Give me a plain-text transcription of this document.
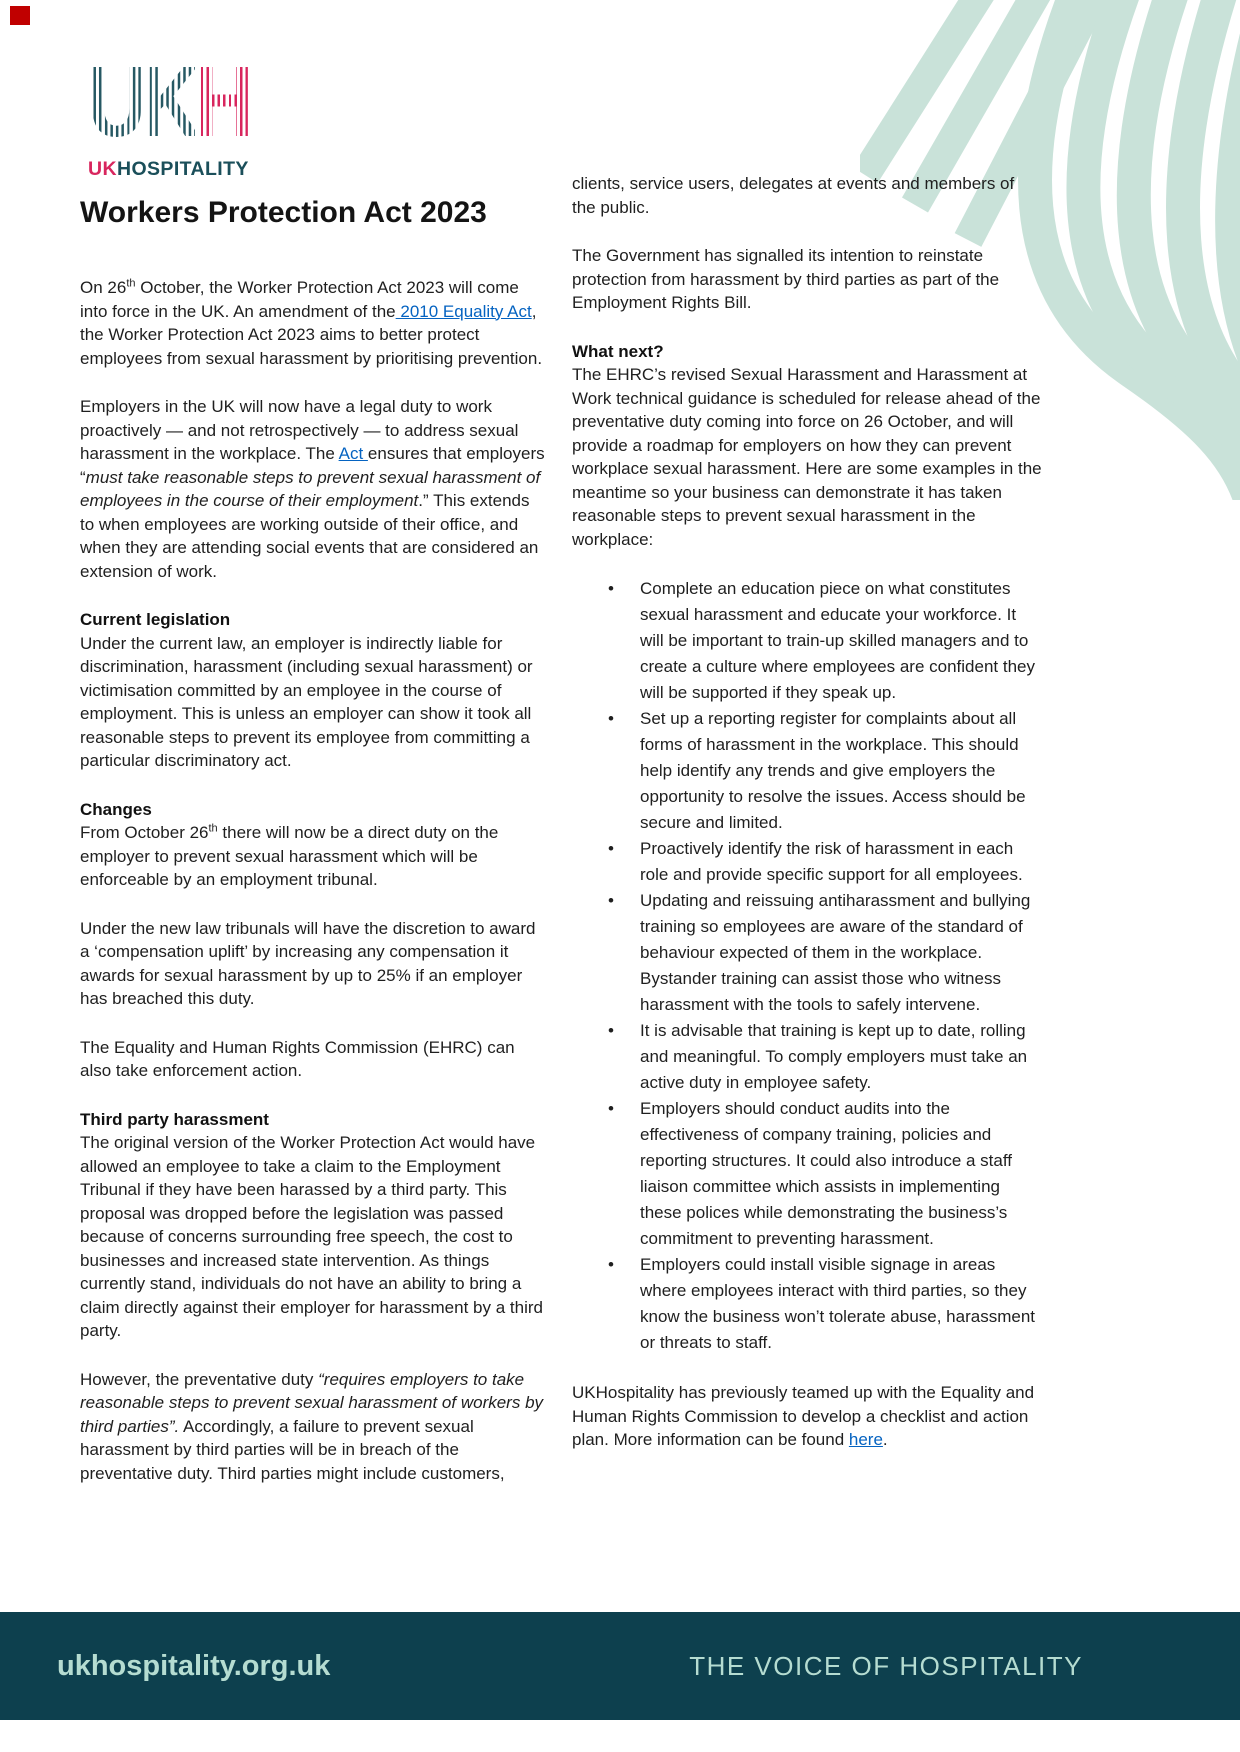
UKH
UKHOSPITALITY
Workers Protection Act 2023

On 26th October, the Worker Protection Act 2023 will come into force in the UK. An amendment of the 2010 Equality Act, the Worker Protection Act 2023 aims to better protect employees from sexual harassment by prioritising prevention.

Employers in the UK will now have a legal duty to work proactively — and not retrospectively — to address sexual harassment in the workplace. The Act ensures that employers “must take reasonable steps to prevent sexual harassment of employees in the course of their employment.” This extends to when employees are working outside of their office, and when they are attending social events that are considered an extension of work.

Current legislation

Under the current law, an employer is indirectly liable for discrimination, harassment (including sexual harassment) or victimisation committed by an employee in the course of employment. This is unless an employer can show it took all reasonable steps to prevent its employee from committing a particular discriminatory act.

Changes

From October 26th there will now be a direct duty on the employer to prevent sexual harassment which will be enforceable by an employment tribunal.

Under the new law tribunals will have the discretion to award a ‘compensation uplift’ by increasing any compensation it awards for sexual harassment by up to 25% if an employer has breached this duty.

The Equality and Human Rights Commission (EHRC) can also take enforcement action.

Third party harassment

The original version of the Worker Protection Act would have allowed an employee to take a claim to the Employment Tribunal if they have been harassed by a third party. This proposal was dropped before the legislation was passed because of concerns surrounding free speech, the cost to businesses and increased state intervention. As things currently stand, individuals do not have an ability to bring a claim directly against their employer for harassment by a third party.

However, the preventative duty “requires employers to take reasonable steps to prevent sexual harassment of workers by third parties”. Accordingly, a failure to prevent sexual harassment by third parties will be in breach of the preventative duty. Third parties might include customers,

clients, service users, delegates at events and members of the public.

The Government has signalled its intention to reinstate protection from harassment by third parties as part of the Employment Rights Bill.

What next?

The EHRC’s revised Sexual Harassment and Harassment at Work technical guidance is scheduled for release ahead of the preventative duty coming into force on 26 October, and will provide a roadmap for employers on how they can prevent workplace sexual harassment. Here are some examples in the meantime so your business can demonstrate it has taken reasonable steps to prevent sexual harassment in the workplace:

•	Complete an education piece on what constitutes sexual harassment and educate your workforce. It will be important to train-up skilled managers and to create a culture where employees are confident they will be supported if they speak up.
•	Set up a reporting register for complaints about all forms of harassment in the workplace. This should help identify any trends and give employers the opportunity to resolve the issues. Access should be secure and limited.
•	Proactively identify the risk of harassment in each role and provide specific support for all employees.
•	Updating and reissuing antiharassment and bullying training so employees are aware of the standard of behaviour expected of them in the workplace. Bystander training can assist those who witness harassment with the tools to safely intervene.
•	It is advisable that training is kept up to date, rolling and meaningful. To comply employers must take an active duty in employee safety.
•	Employers should conduct audits into the effectiveness of company training, policies and reporting structures. It could also introduce a staff liaison committee which assists in implementing these polices while demonstrating the business’s commitment to preventing harassment.
•	Employers could install visible signage in areas where employees interact with third parties, so they know the business won’t tolerate abuse, harassment or threats to staff.

UKHospitality has previously teamed up with the Equality and Human Rights Commission to develop a checklist and action plan. More information can be found here.

ukhospitality.org.uk	THE VOICE OF HOSPITALITY
